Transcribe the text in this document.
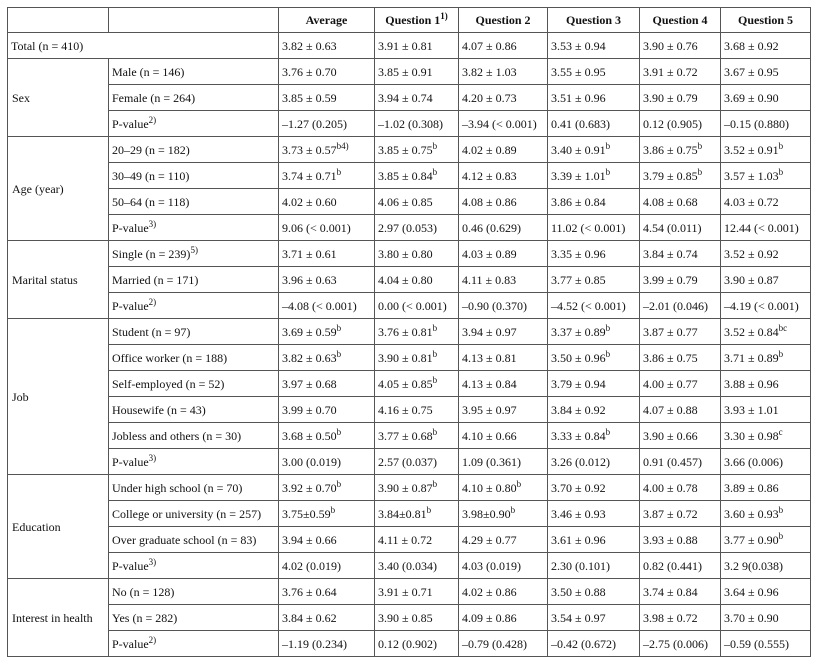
		Average	Question 1$^{1)}$	Question 2	Question 3	Question 4	Question 5
Total (n = 410)		3.82 ± 0.63	3.91 ± 0.81	4.07 ± 0.86	3.53 ± 0.94	3.90 ± 0.76	3.68 ± 0.92
Sex	Male (n = 146)	3.76 ± 0.70	3.85 ± 0.91	3.82 ± 1.03	3.55 ± 0.95	3.91 ± 0.72	3.67 ± 0.95
	Female (n = 264)	3.85 ± 0.59	3.94 ± 0.74	4.20 ± 0.73	3.51 ± 0.96	3.90 ± 0.79	3.69 ± 0.90
	P-value$^{2)}$	–1.27 (0.205)	–1.02 (0.308)	–3.94 (< 0.001)	0.41 (0.683)	0.12 (0.905)	–0.15 (0.880)
Age (year)	20–29 (n = 182)	$3.73 \pm 0.57^{b4)}$	3.85 ± 0.75$^b$	4.02 ± 0.89	3.40 ± 0.91$^b$	3.86 ± 0.75$^b$	3.52 ± 0.91$^b$
	30–49 (n = 110)	3.74 ± 0.71$^b$	3.85 ± 0.84$^b$	4.12 ± 0.83	3.39 ± 1.01$^b$	3.79 ± 0.85$^b$	3.57 ± 1.03$^b$
	50–64 (n = 118)	4.02 ± 0.60	4.06 ± 0.85	4.08 ± 0.86	3.86 ± 0.84	4.08 ± 0.68	4.03 ± 0.72
	P-value$^{3)}$	9.06 (< 0.001)	2.97 (0.053)	0.46 (0.629)	11.02 (< 0.001)	4.54 (0.011)	12.44 (< 0.001)
Marital status	Single (n = 239)$^{5)}$	3.71 ± 0.61	3.80 ± 0.80	4.03 ± 0.89	3.35 ± 0.96	3.84 ± 0.74	3.52 ± 0.92
	Married (n = 171)	3.96 ± 0.63	4.04 ± 0.80	4.11 ± 0.83	3.77 ± 0.85	3.99 ± 0.79	3.90 ± 0.87
	P-value$^{2)}$	–4.08 (< 0.001)	0.00 (< 0.001)	–0.90 (0.370)	–4.52 (< 0.001)	–2.01 (0.046)	–4.19 (< 0.001)
Job	Student (n = 97)	3.69 ± 0.59$^b$	3.76 ± 0.81$^b$	3.94 ± 0.97	3.37 ± 0.89$^b$	3.87 ± 0.77	3.52 ± 0.84$^{bc}$
	Office worker (n = 188)	3.82 ± 0.63$^b$	3.90 ± 0.81$^b$	4.13 ± 0.81	3.50 ± 0.96$^b$	3.86 ± 0.75	3.71 ± 0.89$^b$
	Self-employed (n = 52)	3.97 ± 0.68	4.05 ± 0.85$^b$	4.13 ± 0.84	3.79 ± 0.94	4.00 ± 0.77	3.88 ± 0.96
	Housewife (n = 43)	3.99 ± 0.70	4.16 ± 0.75	3.95 ± 0.97	3.84 ± 0.92	4.07 ± 0.88	3.93 ± 1.01
	Jobless and others (n = 30)	3.68 ± 0.50$^b$	3.77 ± 0.68$^b$	4.10 ± 0.66	3.33 ± 0.84$^b$	3.90 ± 0.66	3.30 ± 0.98$^c$
	P-value$^{3)}$	3.00 (0.019)	2.57 (0.037)	1.09 (0.361)	3.26 (0.012)	0.91 (0.457)	3.66 (0.006)
Education	Under high school (n = 70)	3.92 ± 0.70$^b$	3.90 ± 0.87$^b$	4.10 ± 0.80$^b$	3.70 ± 0.92	4.00 ± 0.78	3.89 ± 0.86
	College or university (n = 257)	3.75±0.59$^b$	3.84±0.81$^b$	3.98±0.90$^b$	3.46 ± 0.93	3.87 ± 0.72	3.60 ± 0.93$^b$
	Over graduate school (n = 83)	3.94 ± 0.66	4.11 ± 0.72	4.29 ± 0.77	3.61 ± 0.96	3.93 ± 0.88	3.77 ± 0.90$^b$
	P-value$^{3)}$	4.02 (0.019)	3.40 (0.034)	4.03 (0.019)	2.30 (0.101)	0.82 (0.441)	3.2 9(0.038)
Interest in health	No (n = 128)	3.76 ± 0.64	3.91 ± 0.71	4.02 ± 0.86	3.50 ± 0.88	3.74 ± 0.84	3.64 ± 0.96
	Yes (n = 282)	3.84 ± 0.62	3.90 ± 0.85	4.09 ± 0.86	3.54 ± 0.97	3.98 ± 0.72	3.70 ± 0.90
	P-value$^{2)}$	–1.19 (0.234)	0.12 (0.902)	–0.79 (0.428)	–0.42 (0.672)	–2.75 (0.006)	–0.59 (0.555)
